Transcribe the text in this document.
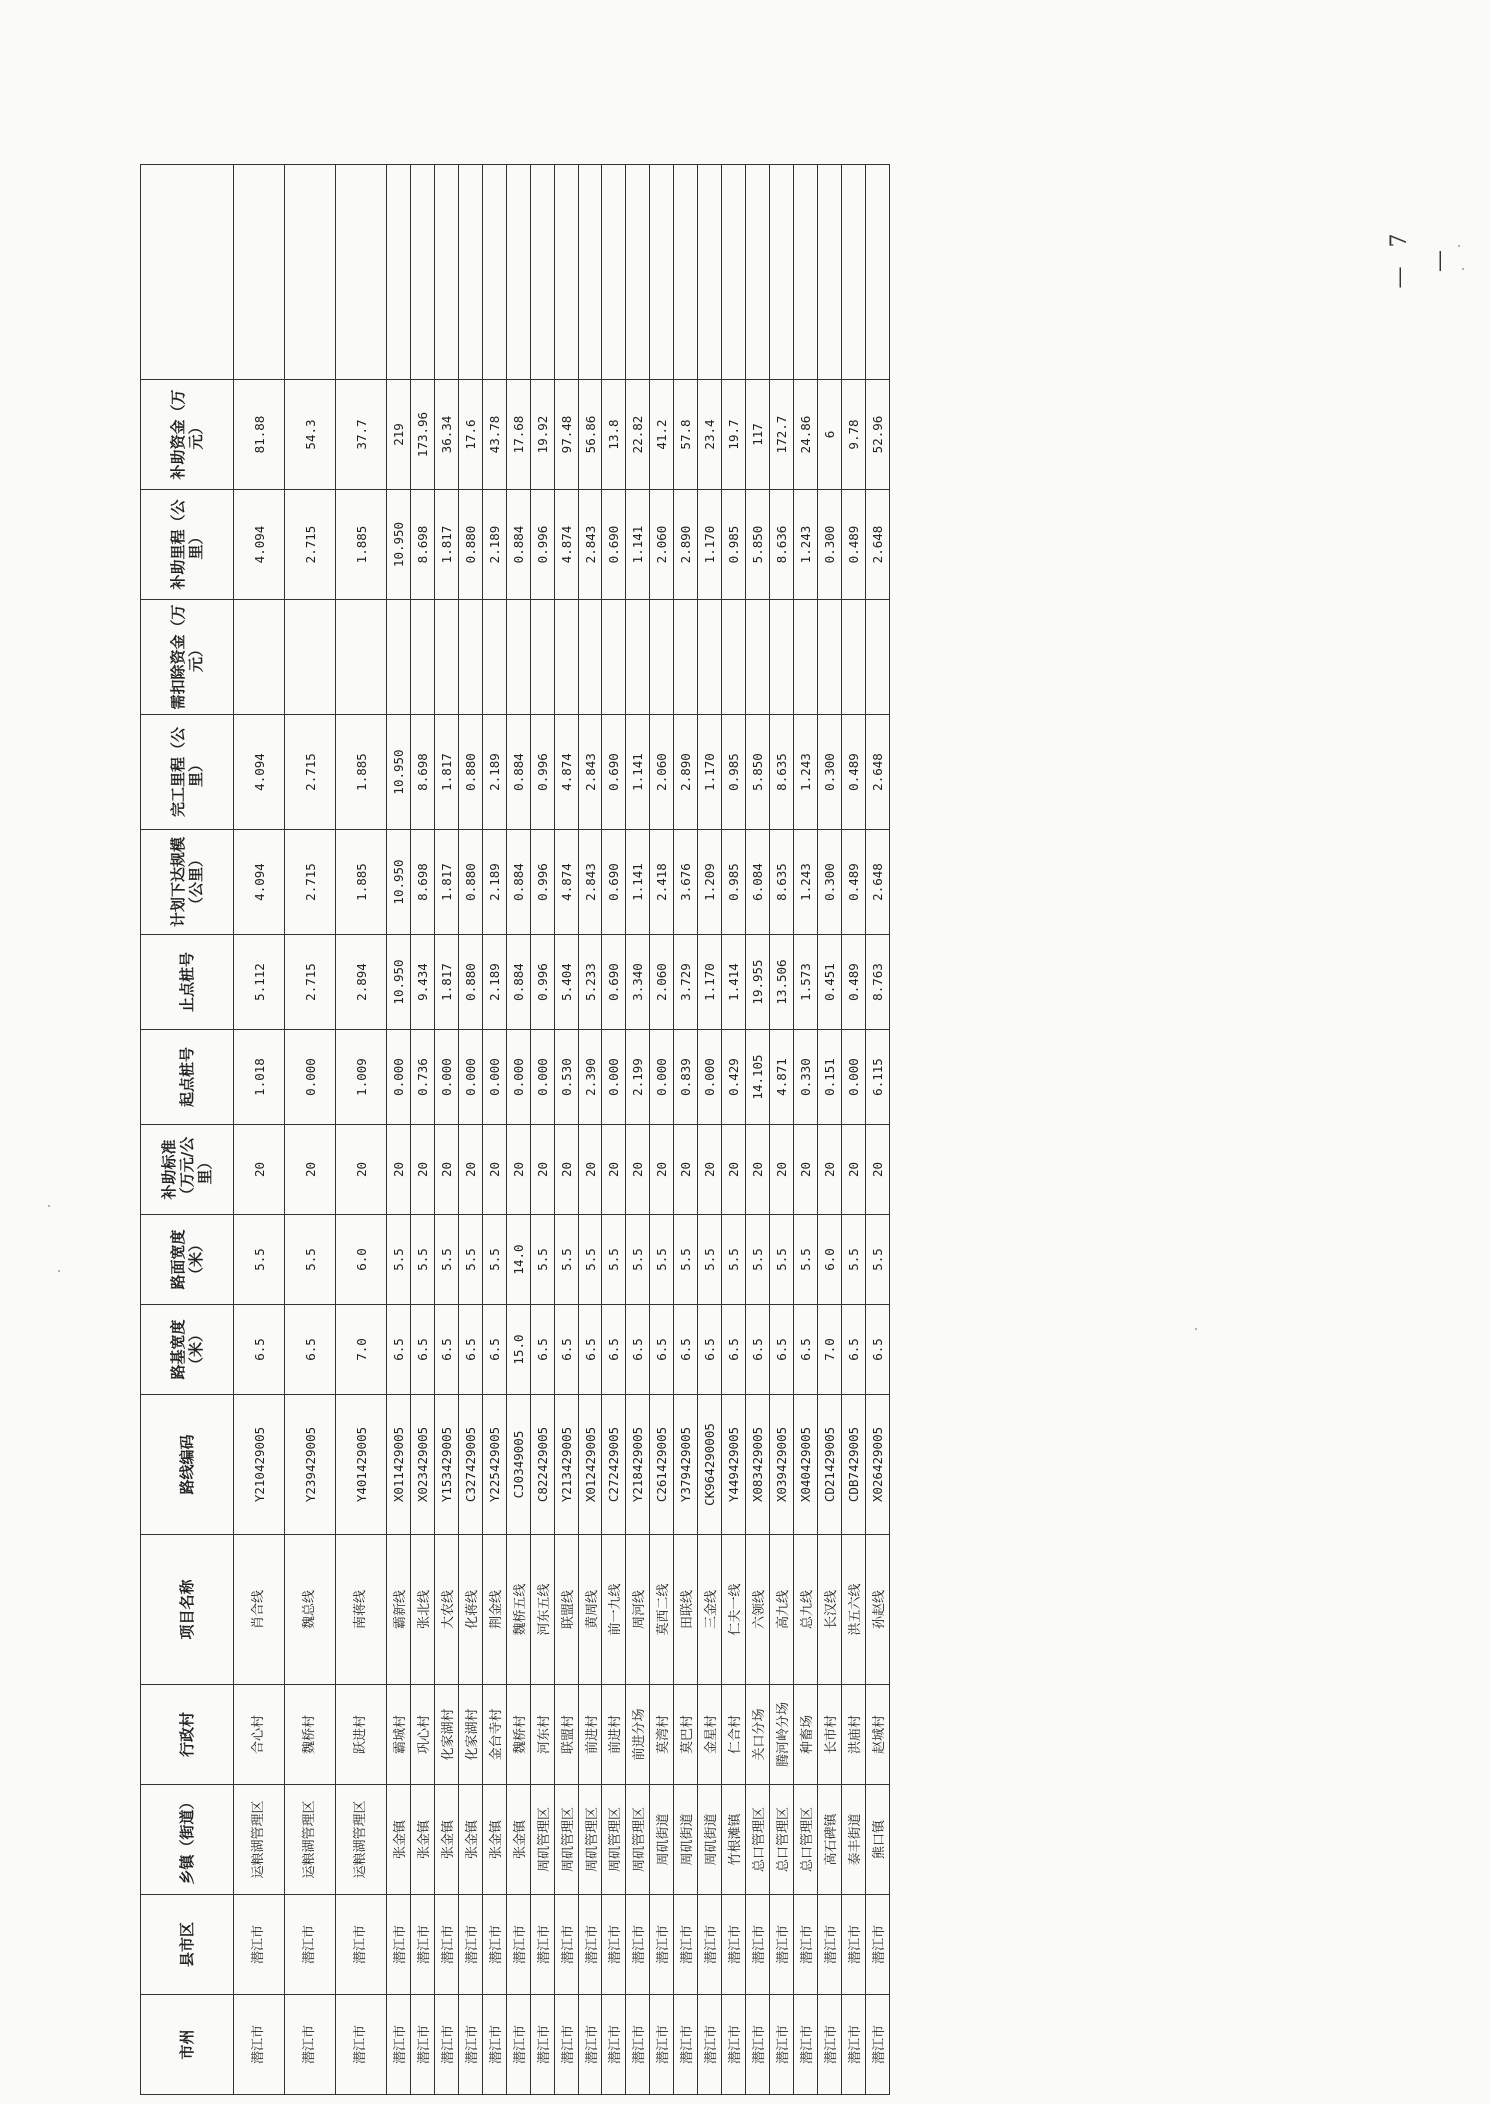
市州	县市区	乡镇（街道）	行政村	项目名称	路线编码	路基宽度（米）	路面宽度（米）	补助标准（万元/公里）	起点桩号	止点桩号	计划下达规模（公里）	完工里程（公里）	需扣除资金（万元）	补助里程（公里）	补助资金（万元）	
潜江市	潜江市	运粮湖管理区	合心村	肖合线	Y210429005	6.5	5.5	20	1.018	5.112	4.094	4.094		4.094	81.88	
潜江市	潜江市	运粮湖管理区	魏桥村	魏总线	Y239429005	6.5	5.5	20	0.000	2.715	2.715	2.715		2.715	54.3	
潜江市	潜江市	运粮湖管理区	跃进村	南蒋线	Y401429005	7.0	6.0	20	1.009	2.894	1.885	1.885		1.885	37.7	
潜江市	潜江市	张金镇	霸城村	霸新线	X011429005	6.5	5.5	20	0.000	10.950	10.950	10.950		10.950	219	
潜江市	潜江市	张金镇	巩心村	张北线	X023429005	6.5	5.5	20	0.736	9.434	8.698	8.698		8.698	173.96	
潜江市	潜江市	张金镇	化家湖村	大农线	Y153429005	6.5	5.5	20	0.000	1.817	1.817	1.817		1.817	36.34	
潜江市	潜江市	张金镇	化家湖村	化蒋线	C327429005	6.5	5.5	20	0.000	0.880	0.880	0.880		0.880	17.6	
潜江市	潜江市	张金镇	金台寺村	荆金线	Y225429005	6.5	5.5	20	0.000	2.189	2.189	2.189		2.189	43.78	
潜江市	潜江市	张金镇	魏桥村	魏桥五线	CJ0349005	15.0	14.0	20	0.000	0.884	0.884	0.884		0.884	17.68	
潜江市	潜江市	周矶管理区	河东村	河东五线	C822429005	6.5	5.5	20	0.000	0.996	0.996	0.996		0.996	19.92	
潜江市	潜江市	周矶管理区	联盟村	联盟线	Y213429005	6.5	5.5	20	0.530	5.404	4.874	4.874		4.874	97.48	
潜江市	潜江市	周矶管理区	前进村	黄周线	X012429005	6.5	5.5	20	2.390	5.233	2.843	2.843		2.843	56.86	
潜江市	潜江市	周矶管理区	前进村	前一九线	C272429005	6.5	5.5	20	0.000	0.690	0.690	0.690		0.690	13.8	
潜江市	潜江市	周矶管理区	前进分场	周河线	Y218429005	6.5	5.5	20	2.199	3.340	1.141	1.141		1.141	22.82	
潜江市	潜江市	周矶街道	莫湾村	莫西二线	C261429005	6.5	5.5	20	0.000	2.060	2.418	2.060		2.060	41.2	
潜江市	潜江市	周矶街道	莫巴村	田联线	Y379429005	6.5	5.5	20	0.839	3.729	3.676	2.890		2.890	57.8	
潜江市	潜江市	周矶街道	金星村	三金线	CK964290005	6.5	5.5	20	0.000	1.170	1.209	1.170		1.170	23.4	
潜江市	潜江市	竹根滩镇	仁合村	仁夫一线	Y449429005	6.5	5.5	20	0.429	1.414	0.985	0.985		0.985	19.7	
潜江市	潜江市	总口管理区	关口分场	六领线	X083429005	6.5	5.5	20	14.105	19.955	6.084	5.850		5.850	117	
潜江市	潜江市	总口管理区	腾河岭分场	高九线	X039429005	6.5	5.5	20	4.871	13.506	8.635	8.635		8.636	172.7	
潜江市	潜江市	总口管理区	种畜场	总九线	X040429005	6.5	5.5	20	0.330	1.573	1.243	1.243		1.243	24.86	
潜江市	潜江市	高石碑镇	长市村	长汉线	CD21429005	7.0	6.0	20	0.151	0.451	0.300	0.300		0.300	6	
潜江市	潜江市	泰丰街道	洪庙村	洪五六线	CDB7429005	6.5	5.5	20	0.000	0.489	0.489	0.489		0.489	9.78	
潜江市	潜江市	熊口镇	赵城村	孙赵线	X026429005	6.5	5.5	20	6.115	8.763	2.648	2.648		2.648	52.96	
— 7 —
